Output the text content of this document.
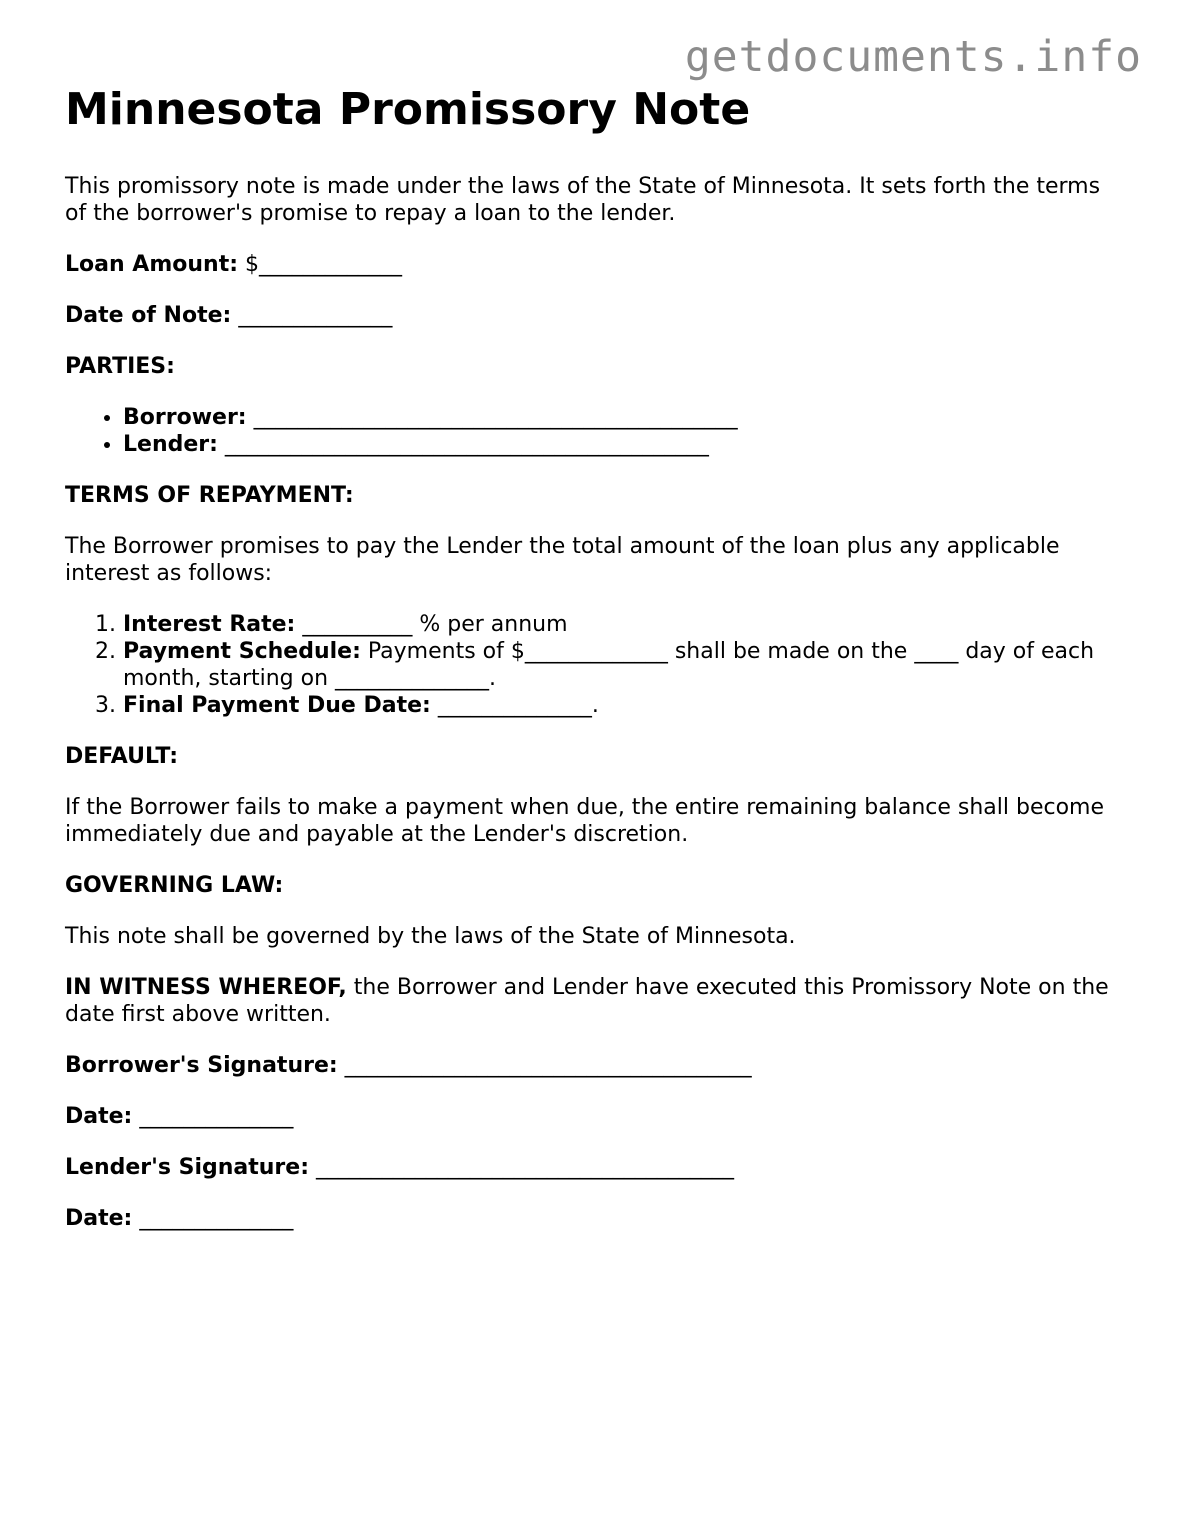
getdocuments.info
Minnesota Promissory Note

This promissory note is made under the laws of the State of Minnesota. It sets forth the terms of the borrower's promise to repay a loan to the lender.

Loan Amount: $_____________

Date of Note: ______________

PARTIES:
• Borrower: ____________________________________________
• Lender: ____________________________________________
TERMS OF REPAYMENT:

The Borrower promises to pay the Lender the total amount of the loan plus any applicable interest as follows:

1. Interest Rate: __________ % per annum
2. Payment Schedule: Payments of $_____________ shall be made on the ____ day of each month, starting on ______________.
3. Final Payment Due Date: ______________.
DEFAULT:

If the Borrower fails to make a payment when due, the entire remaining balance shall become immediately due and payable at the Lender's discretion.

GOVERNING LAW:

This note shall be governed by the laws of the State of Minnesota.

IN WITNESS WHEREOF, the Borrower and Lender have executed this Promissory Note on the date first above written.

Borrower's Signature: _____________________________________

Date: ______________

Lender's Signature: ______________________________________

Date: ______________
